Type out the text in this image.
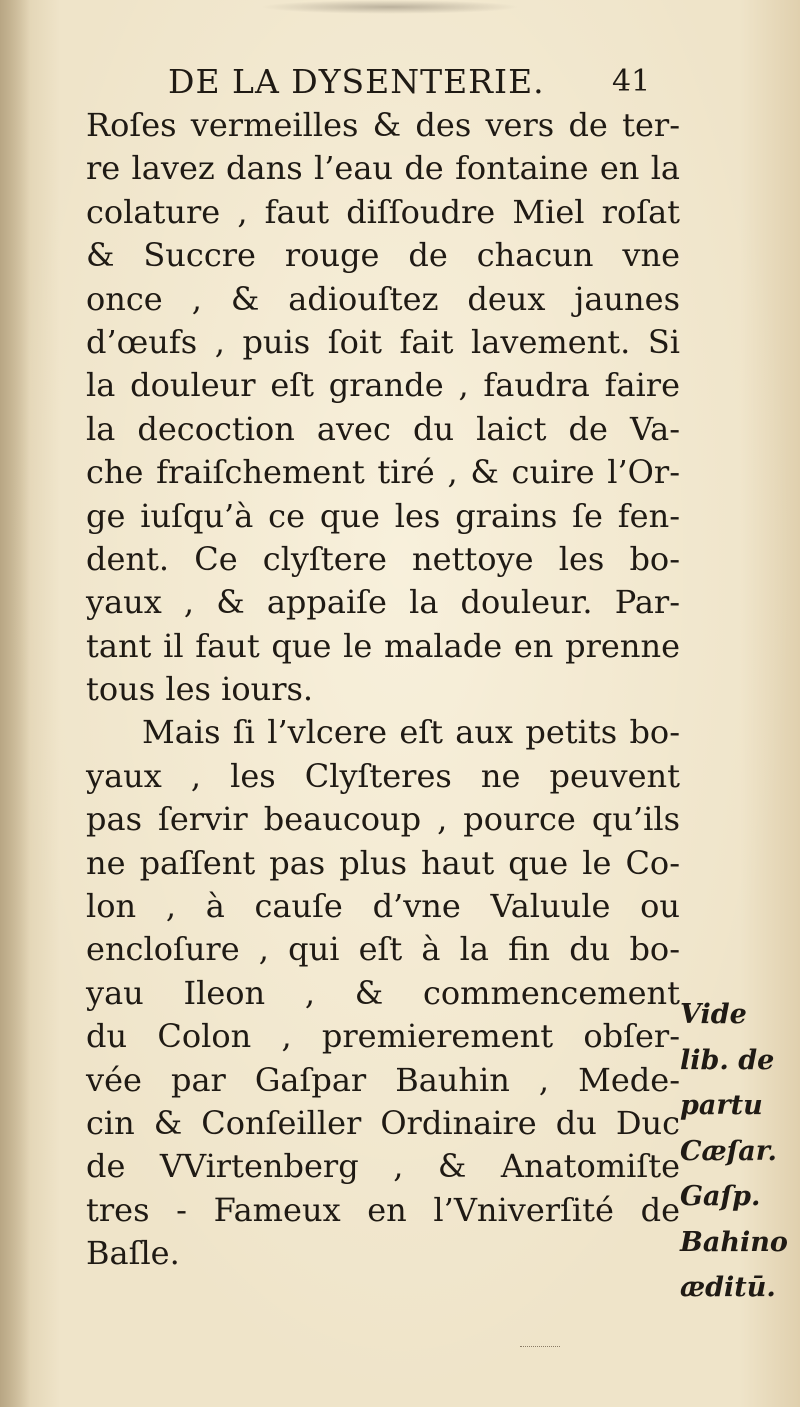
DE LA DYSENTERIE. 41
Roſes vermeilles & des vers de ter-
re lavez dans l’eau de fontaine en la
colature , faut diſſoudre Miel roſat
& Succre rouge de chacun vne
once , & adiouſtez deux jaunes
d’œufs , puis ſoit fait lavement. Si
la douleur eſt grande , faudra faire
la decoction avec du laict de Va-
che fraiſchement tiré , & cuire l’Or-
ge iuſqu’à ce que les grains ſe fen-
dent. Ce clyſtere nettoye les bo-
yaux , & appaiſe la douleur. Par-
tant il faut que le malade en prenne
tous les iours.
Mais ſi l’vlcere eſt aux petits bo-
yaux , les Clyſteres ne peuvent
pas ſervir beaucoup , pource qu’ils
ne paſſent pas plus haut que le Co-
lon , à cauſe d’vne Valuule ou
encloſure , qui eſt à la fin du bo-
yau Ileon , & commencement
du Colon , premierement obſer-
vée par Gaſpar Bauhin , Mede-
cin & Conſeiller Ordinaire du Duc
de VVirtenberg , & Anatomiſte
tres - Fameux en l’Vniverſité de
Baſle.
Vide
lib. de
partu
Cæſar.
Gaſp.
Bahino
æditū.
